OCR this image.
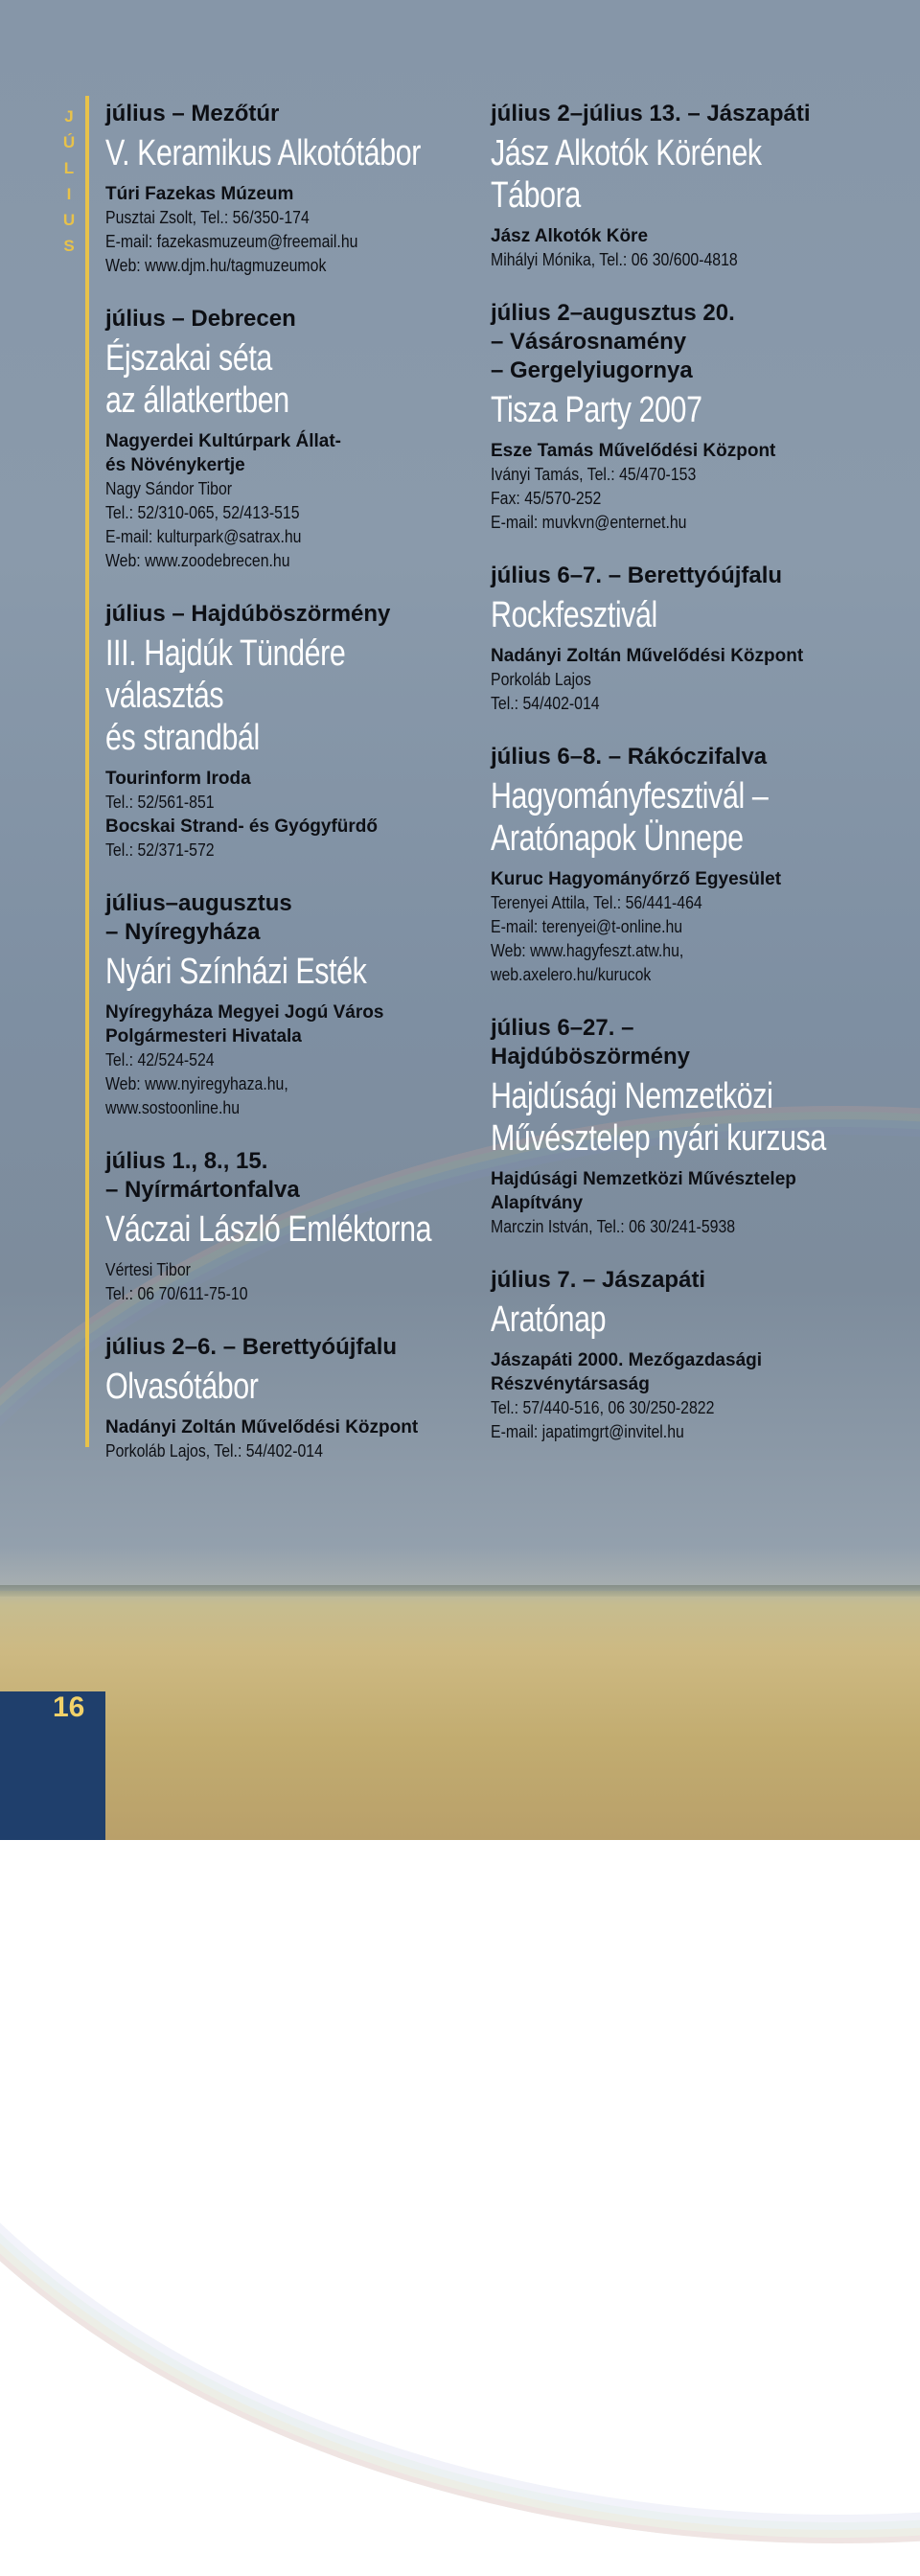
J
Ú
L
I
U
S
16
július – Mezőtúr
V. Keramikus Alkotótábor
Túri Fazekas Múzeum
Pusztai Zsolt, Tel.: 56/350-174
E-mail: fazekasmuzeum@freemail.hu
Web: www.djm.hu/tagmuzeumok
július – Debrecen
Éjszakai séta
az állatkertben
Nagyerdei Kultúrpark Állat-
és Növénykertje
Nagy Sándor Tibor
Tel.: 52/310-065, 52/413-515
E-mail: kulturpark@satrax.hu
Web: www.zoodebrecen.hu
július – Hajdúböszörmény
III. Hajdúk Tündére választás
és strandbál
Tourinform Iroda
Tel.: 52/561-851
Bocskai Strand- és Gyógyfürdő
Tel.: 52/371-572
július–augusztus
– Nyíregyháza
Nyári Színházi Esték
Nyíregyháza Megyei Jogú Város
Polgármesteri Hivatala
Tel.: 42/524-524
Web: www.nyiregyhaza.hu,
www.sostoonline.hu
július 1., 8., 15.
– Nyírmártonfalva
Váczai László Emléktorna
Vértesi Tibor
Tel.: 06 70/611-75-10
július 2–6. – Berettyóújfalu
Olvasótábor
Nadányi Zoltán Művelődési Központ
Porkoláb Lajos, Tel.: 54/402-014
július 2–július 13. – Jászapáti
Jász Alkotók Körének
Tábora
Jász Alkotók Köre
Mihályi Mónika, Tel.: 06 30/600-4818
július 2–augusztus 20.
– Vásárosnamény
– Gergelyiugornya
Tisza Party 2007
Esze Tamás Művelődési Központ
Iványi Tamás, Tel.: 45/470-153
Fax: 45/570-252
E-mail: muvkvn@enternet.hu
július 6–7. – Berettyóújfalu
Rockfesztivál
Nadányi Zoltán Művelődési Központ
Porkoláb Lajos
Tel.: 54/402-014
július 6–8. – Rákóczifalva
Hagyományfesztivál –
Aratónapok Ünnepe
Kuruc Hagyományőrző Egyesület
Terenyei Attila, Tel.: 56/441-464
E-mail: terenyei@t-online.hu
Web: www.hagyfeszt.atw.hu,
web.axelero.hu/kurucok
július 6–27. –
Hajdúböszörmény
Hajdúsági Nemzetközi
Művésztelep nyári kurzusa
Hajdúsági Nemzetközi Művésztelep
Alapítvány
Marczin István, Tel.: 06 30/241-5938
július 7. – Jászapáti
Aratónap
Jászapáti 2000. Mezőgazdasági
Részvénytársaság
Tel.: 57/440-516, 06 30/250-2822
E-mail: japatimgrt@invitel.hu
